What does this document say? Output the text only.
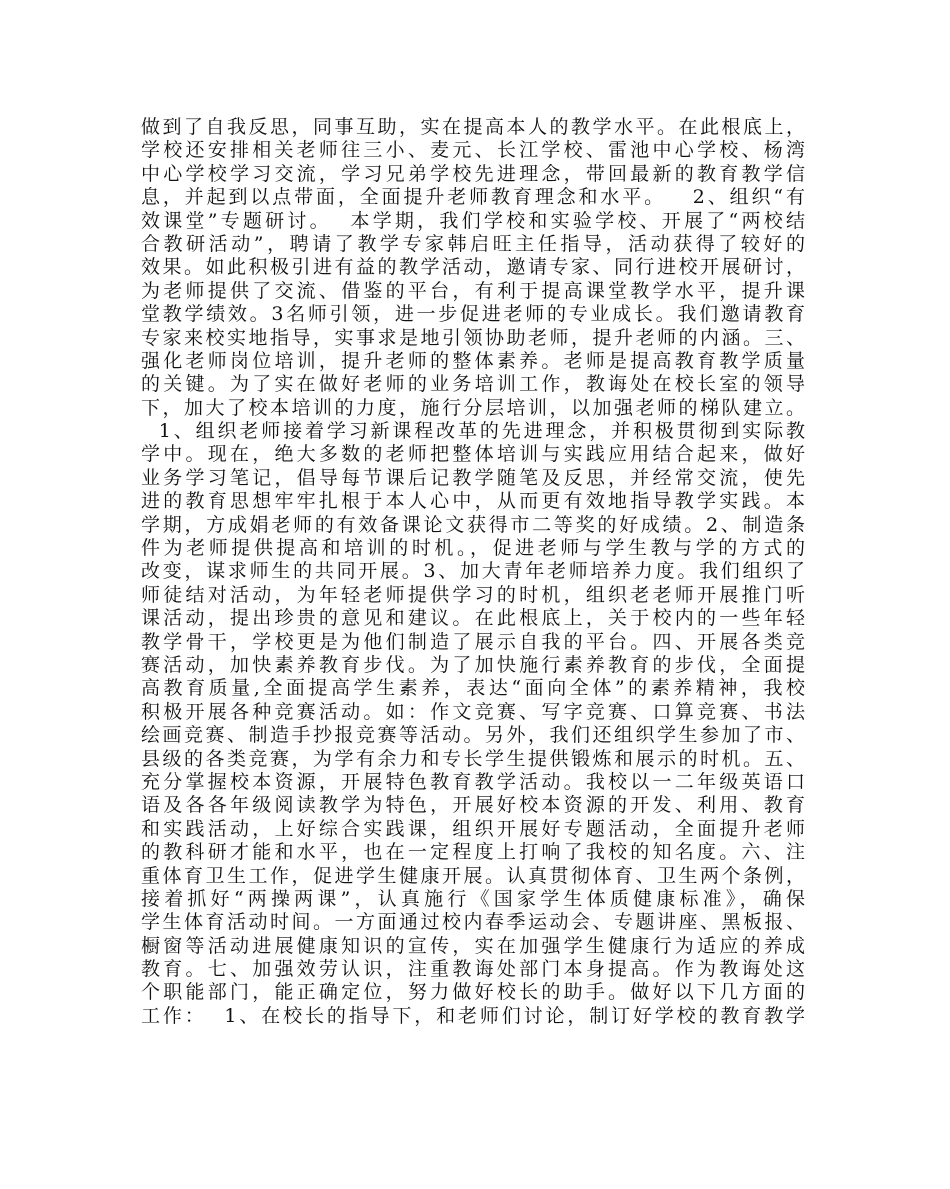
做到了自我反思，同事互助，实在提高本人的教学水平。在此根底上，
学校还安排相关老师往三小、麦元、长江学校、雷池中心学校、杨湾
中心学校学习交流，学习兄弟学校先进理念，带回最新的教育教学信
息，并起到以点带面，全面提升老师教育理念和水平。   2、组织“有
效课堂”专题研讨。  本学期，我们学校和实验学校、开展了“两校结
合教研活动”，聘请了教学专家韩启旺主任指导，活动获得了较好的
效果。如此积极引进有益的教学活动，邀请专家、同行进校开展研讨，
为老师提供了交流、借鉴的平台，有利于提高课堂教学水平，提升课
堂教学绩效。3名师引领，进一步促进老师的专业成长。我们邀请教育
专家来校实地指导，实事求是地引领协助老师，提升老师的内涵。三、
强化老师岗位培训，提升老师的整体素养。老师是提高教育教学质量
的关键。为了实在做好老师的业务培训工作，教诲处在校长室的领导
下，加大了校本培训的力度，施行分层培训，以加强老师的梯队建立。
1、组织老师接着学习新课程改革的先进理念，并积极贯彻到实际教
学中。现在，绝大多数的老师把整体培训与实践应用结合起来，做好
业务学习笔记，倡导每节课后记教学随笔及反思，并经常交流，使先
进的教育思想牢牢扎根于本人心中，从而更有效地指导教学实践。本
学期，方成娟老师的有效备课论文获得市二等奖的好成绩。2、制造条
件为老师提供提高和培训的时机。，促进老师与学生教与学的方式的
改变，谋求师生的共同开展。3、加大青年老师培养力度。我们组织了
师徒结对活动，为年轻老师提供学习的时机，组织老老师开展推门听
课活动，提出珍贵的意见和建议。在此根底上，关于校内的一些年轻
教学骨干，学校更是为他们制造了展示自我的平台。四、开展各类竞
赛活动，加快素养教育步伐。为了加快施行素养教育的步伐，全面提
高教育质量,全面提高学生素养，表达“面向全体”的素养精神，我校
积极开展各种竞赛活动。如：作文竞赛、写字竞赛、口算竞赛、书法
绘画竞赛、制造手抄报竞赛等活动。另外，我们还组织学生参加了市、
县级的各类竞赛，为学有余力和专长学生提供锻炼和展示的时机。五、
充分掌握校本资源，开展特色教育教学活动。我校以一二年级英语口
语及各各年级阅读教学为特色，开展好校本资源的开发、利用、教育
和实践活动，上好综合实践课，组织开展好专题活动，全面提升老师
的教科研才能和水平，也在一定程度上打响了我校的知名度。六、注
重体育卫生工作，促进学生健康开展。认真贯彻体育、卫生两个条例，
接着抓好“两操两课”，认真施行《国家学生体质健康标准》，确保
学生体育活动时间。一方面通过校内春季运动会、专题讲座、黑板报、
橱窗等活动进展健康知识的宣传，实在加强学生健康行为适应的养成
教育。七、加强效劳认识，注重教诲处部门本身提高。作为教诲处这
个职能部门，能正确定位，努力做好校长的助手。做好以下几方面的
工作：  1、在校长的指导下，和老师们讨论，制订好学校的教育教学
